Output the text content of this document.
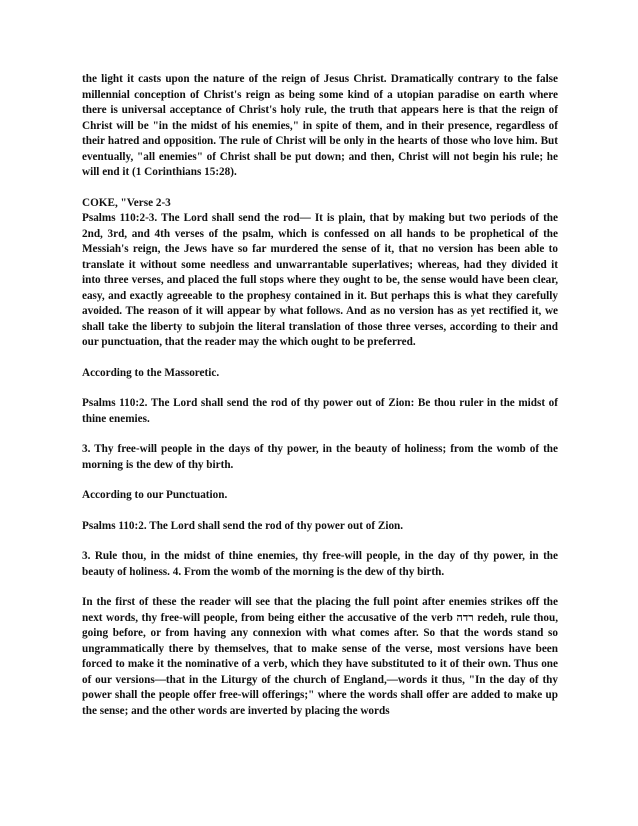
the light it casts upon the nature of the reign of Jesus Christ. Dramatically contrary to the false millennial conception of Christ's reign as being some kind of a utopian paradise on earth where there is universal acceptance of Christ's holy rule, the truth that appears here is that the reign of Christ will be "in the midst of his enemies," in spite of them, and in their presence, regardless of their hatred and opposition. The rule of Christ will be only in the hearts of those who love him. But eventually, "all enemies" of Christ shall be put down; and then, Christ will not begin his rule; he will end it (1 Corinthians 15:28).

COKE, "Verse 2-3

Psalms 110:2-3. The Lord shall send the rod— It is plain, that by making but two periods of the 2nd, 3rd, and 4th verses of the psalm, which is confessed on all hands to be prophetical of the Messiah's reign, the Jews have so far murdered the sense of it, that no version has been able to translate it without some needless and unwarrantable superlatives; whereas, had they divided it into three verses, and placed the full stops where they ought to be, the sense would have been clear, easy, and exactly agreeable to the prophesy contained in it. But perhaps this is what they carefully avoided. The reason of it will appear by what follows. And as no version has as yet rectified it, we shall take the liberty to subjoin the literal translation of those three verses, according to their and our punctuation, that the reader may the which ought to be preferred.

According to the Massoretic.

Psalms 110:2. The Lord shall send the rod of thy power out of Zion: Be thou ruler in the midst of thine enemies.

3. Thy free-will people in the days of thy power, in the beauty of holiness; from the womb of the morning is the dew of thy birth.

According to our Punctuation.

Psalms 110:2. The Lord shall send the rod of thy power out of Zion.

3. Rule thou, in the midst of thine enemies, thy free-will people, in the day of thy power, in the beauty of holiness. 4. From the womb of the morning is the dew of thy birth.

In the first of these the reader will see that the placing the full point after enemies strikes off the next words, thy free-will people, from being either the accusative of the verb רדה redeh, rule thou, going before, or from having any connexion with what comes after. So that the words stand so ungrammatically there by themselves, that to make sense of the verse, most versions have been forced to make it the nominative of a verb, which they have substituted to it of their own. Thus one of our versions—that in the Liturgy of the church of England,—words it thus, "In the day of thy power shall the people offer free-will offerings;" where the words shall offer are added to make up the sense; and the other words are inverted by placing the words
